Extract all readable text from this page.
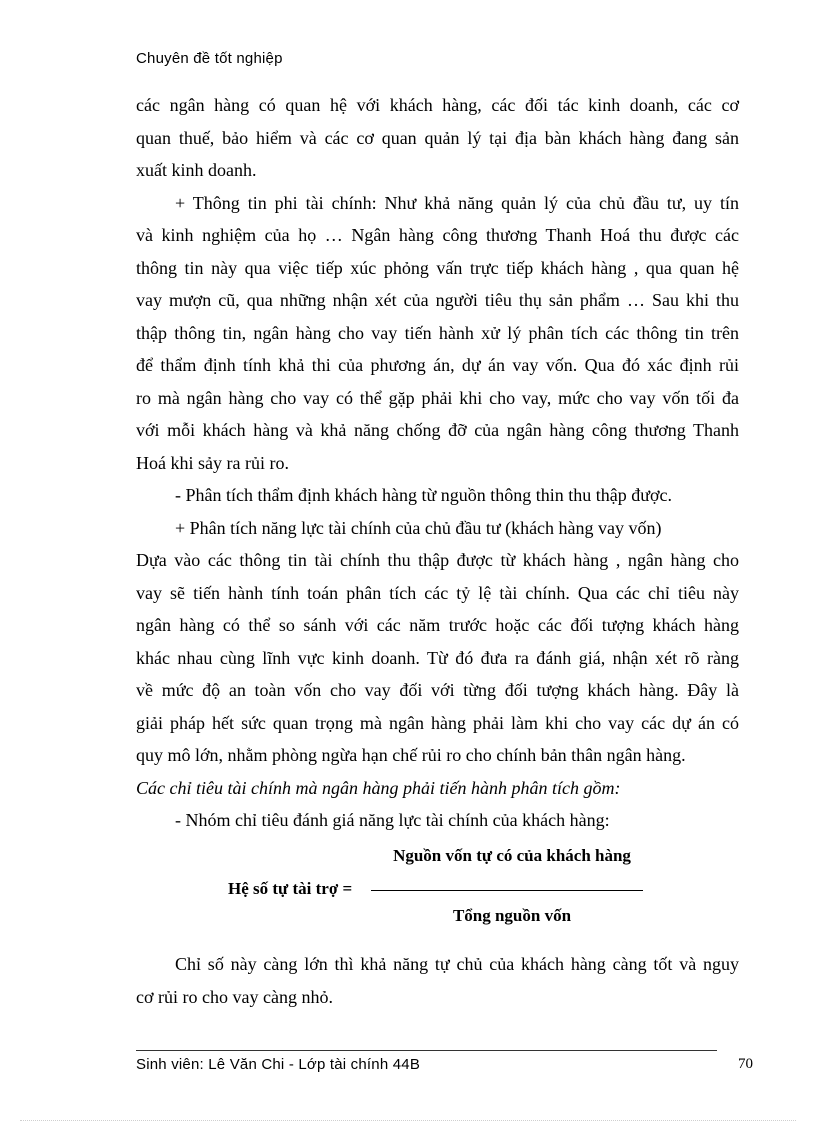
Chuyên đề tốt nghiệp
các ngân hàng có quan hệ với khách hàng, các đối tác kinh doanh, các cơ
quan thuế, bảo hiểm và các cơ quan quản lý tại địa bàn khách hàng đang sản
xuất kinh doanh.
+ Thông tin phi tài chính: Như khả năng quản lý của chủ đầu tư, uy tín
và kinh nghiệm của họ … Ngân hàng công thương Thanh Hoá thu được các
thông tin này qua việc tiếp xúc phỏng vấn trực tiếp khách hàng , qua quan hệ
vay mượn cũ, qua những nhận xét của người tiêu thụ sản phẩm … Sau khi thu
thập thông tin, ngân hàng cho vay tiến hành xử lý phân tích các thông tin trên
để thẩm định tính khả thi của phương án, dự án vay vốn. Qua đó xác định rủi
ro mà ngân hàng cho vay có thể gặp phải khi cho vay, mức cho vay vốn tối đa
với mỗi khách hàng và khả năng chống đỡ của ngân hàng công thương Thanh
Hoá khi sảy ra rủi ro.
- Phân tích thẩm định khách hàng từ nguồn thông thin thu thập được.
+ Phân tích năng lực tài chính của chủ đầu tư (khách hàng vay vốn)
Dựa vào các thông tin tài chính thu thập được từ khách hàng , ngân hàng cho
vay sẽ tiến hành tính toán phân tích các tỷ lệ tài chính. Qua các chỉ tiêu này
ngân hàng có thể so sánh với các năm trước hoặc các đối tượng khách hàng
khác nhau cùng lĩnh vực kinh doanh. Từ đó đưa ra đánh giá, nhận xét rõ ràng
về mức độ an toàn vốn cho vay đối với từng đối tượng khách hàng. Đây là
giải pháp hết sức quan trọng mà ngân hàng phải làm khi cho vay các dự án có
quy mô lớn, nhằm phòng ngừa hạn chế rủi ro cho chính bản thân ngân hàng.
Các chỉ tiêu tài chính mà ngân hàng phải tiến hành phân tích gồm:
- Nhóm chỉ tiêu đánh giá năng lực tài chính của khách hàng:
Hệ số tự tài trợ =
Nguồn vốn tự có của khách hàng
Tổng nguồn vốn
Chỉ số này càng lớn thì khả năng tự chủ của khách hàng càng tốt và nguy
cơ rủi ro cho vay càng nhỏ.
Sinh viên: Lê Văn Chi - Lớp tài chính 44B	70
